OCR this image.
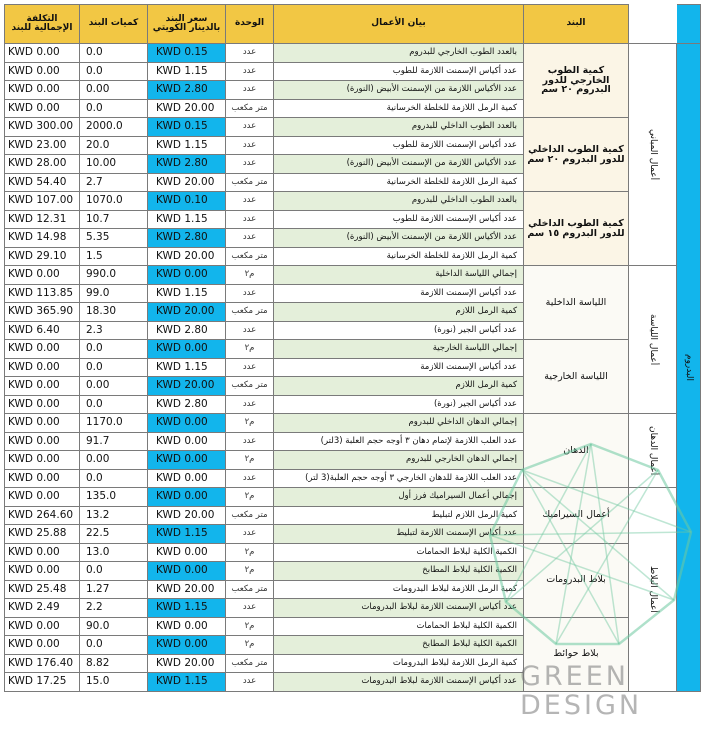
التكلفة الإجمالية للبند	كميات البند	سعر البند بالدينار الكويتي	الوحدة	بيان الأعمال	البند		
KWD 0.00	0.0	KWD 0.15	عدد	بالعدد الطوب الخارجي للبدروم	كمية الطوب الخارجي للدور البدروم ٢٠ سم	أعمال المباني	البدروم
KWD 0.00	0.0	KWD 1.15	عدد	عدد أكياس الإسمنت اللازمة للطوب			
KWD 0.00	0.00	KWD 2.80	عدد	عدد الأكياس اللازمة من الإسمنت الأبيض (النورة)			
KWD 0.00	0.0	KWD 20.00	متر مكعب	كمية الرمل اللازمة للخلطة الخرسانية			
KWD 300.00	2000.0	KWD 0.15	عدد	بالعدد الطوب الداخلي للبدروم	كمية الطوب الداخلي للدور البدروم ٢٠ سم		
KWD 23.00	20.0	KWD 1.15	عدد	عدد أكياس الإسمنت اللازمة للطوب			
KWD 28.00	10.00	KWD 2.80	عدد	عدد الأكياس اللازمة من الإسمنت الأبيض (النورة)			
KWD 54.40	2.7	KWD 20.00	متر مكعب	كمية الرمل اللازمة للخلطة الخرسانية			
KWD 107.00	1070.0	KWD 0.10	عدد	بالعدد الطوب الداخلي للبدروم	كمية الطوب الداخلي للدور البدروم ١٥ سم		
KWD 12.31	10.7	KWD 1.15	عدد	عدد أكياس الإسمنت اللازمة للطوب			
KWD 14.98	5.35	KWD 2.80	عدد	عدد الأكياس اللازمة من الإسمنت الأبيض (النورة)			
KWD 29.10	1.5	KWD 20.00	متر مكعب	كمية الرمل اللازمة للخلطة الخرسانية			
KWD 0.00	990.0	KWD 0.00	م٢	إجمالي اللياسة الداخلية	اللياسة الداخلية	أعمال اللياسة	
KWD 113.85	99.0	KWD 1.15	عدد	عدد أكياس الإسمنت اللازمة			
KWD 365.90	18.30	KWD 20.00	متر مكعب	كمية الرمل اللازم			
KWD 6.40	2.3	KWD 2.80	عدد	عدد أكياس الجير (نورة)			
KWD 0.00	0.0	KWD 0.00	م٢	إجمالي اللياسة الخارجية	اللياسة الخارجية		
KWD 0.00	0.0	KWD 1.15	عدد	عدد أكياس الإسمنت اللازمة			
KWD 0.00	0.00	KWD 20.00	متر مكعب	كمية الرمل اللازم			
KWD 0.00	0.0	KWD 2.80	عدد	عدد أكياس الجير (نورة)			
KWD 0.00	1170.0	KWD 0.00	م٢	إجمالي الدهان الداخلي للبدروم	الدهان	أعمال الدهان	
KWD 0.00	91.7	KWD 0.00	عدد	عدد العلب اللازمة لإتمام دهان ٣ أوجه حجم العلبة (3لتر)			
KWD 0.00	0.00	KWD 0.00	م٢	إجمالي الدهان الخارجي للبدروم			
KWD 0.00	0.0	KWD 0.00	عدد	عدد العلب اللازمة للدهان الخارجي ٣ أوجه حجم العلبة(3 لتر)			
KWD 0.00	135.0	KWD 0.00	م٢	إجمالي أعمال السيراميك فرز أول	أعمال السيراميك	أعمال البلاط	
KWD 264.60	13.2	KWD 20.00	متر مكعب	كمية الرمل اللازم لتبليط			
KWD 25.88	22.5	KWD 1.15	عدد	عدد أكياس الإسمنت اللازمة لتبليط			
KWD 0.00	13.0	KWD 0.00	م٢	الكمية الكلية لبلاط الحمامات	بلاط البدرومات		
KWD 0.00	0.0	KWD 0.00	م٢	الكمية الكلية لبلاط المطابخ			
KWD 25.48	1.27	KWD 20.00	متر مكعب	كمية الرمل اللازمة لبلاط البدرومات			
KWD 2.49	2.2	KWD 1.15	عدد	عدد أكياس الإسمنت اللازمة لبلاط البدرومات			
KWD 0.00	90.0	KWD 0.00	م٢	الكمية الكلية لبلاط الحمامات	بلاط حوائط		
KWD 0.00	0.0	KWD 0.00	م٢	الكمية الكلية لبلاط المطابخ			
KWD 176.40	8.82	KWD 20.00	متر مكعب	كمية الرمل اللازمة لبلاط البدرومات			
KWD 17.25	15.0	KWD 1.15	عدد	عدد أكياس الإسمنت اللازمة لبلاط البدرومات			GREEN
DESIGN
